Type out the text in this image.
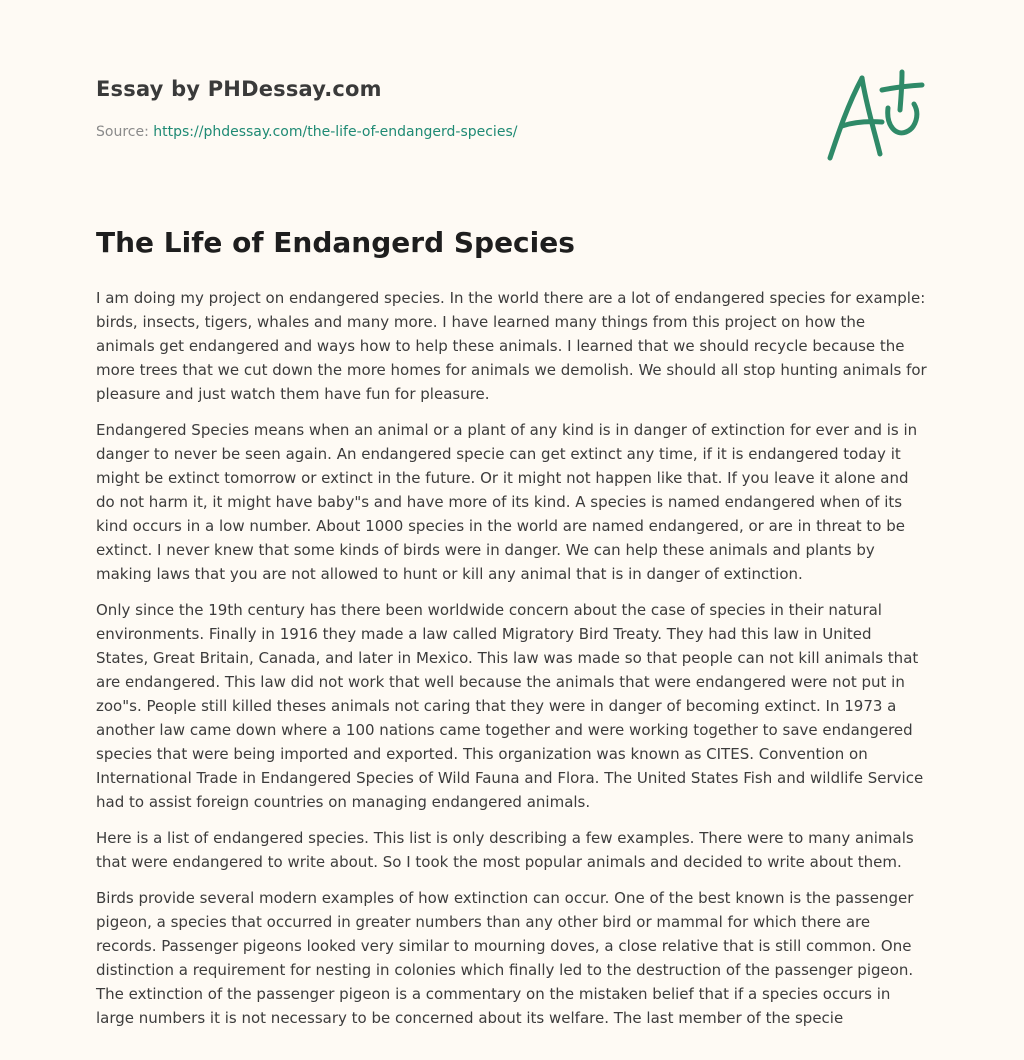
Essay by PHDessay.com
Source: https://phdessay.com/the-life-of-endangerd-species/
The Life of Endangerd Species

I am doing my project on endangered species. In the world there are a lot of endangered species for example: birds, insects, tigers, whales and many more. I have learned many things from this project on how the animals get endangered and ways how to help these animals. I learned that we should recycle because the more trees that we cut down the more homes for animals we demolish. We should all stop hunting animals for pleasure and just watch them have fun for pleasure.

Endangered Species means when an animal or a plant of any kind is in danger of extinction for ever and is in danger to never be seen again. An endangered specie can get extinct any time, if it is endangered today it might be extinct tomorrow or extinct in the future. Or it might not happen like that. If you leave it alone and do not harm it, it might have baby"s and have more of its kind. A species is named endangered when of its kind occurs in a low number. About 1000 species in the world are named endangered, or are in threat to be extinct. I never knew that some kinds of birds were in danger. We can help these animals and plants by making laws that you are not allowed to hunt or kill any animal that is in danger of extinction.

Only since the 19th century has there been worldwide concern about the case of species in their natural environments. Finally in 1916 they made a law called Migratory Bird Treaty. They had this law in United States, Great Britain, Canada, and later in Mexico. This law was made so that people can not kill animals that are endangered. This law did not work that well because the animals that were endangered were not put in zoo"s. People still killed theses animals not caring that they were in danger of becoming extinct. In 1973 a another law came down where a 100 nations came together and were working together to save endangered species that were being imported and exported. This organization was known as CITES. Convention on International Trade in Endangered Species of Wild Fauna and Flora. The United States Fish and wildlife Service had to assist foreign countries on managing endangered animals.

Here is a list of endangered species. This list is only describing a few examples. There were to many animals that were endangered to write about. So I took the most popular animals and decided to write about them.

Birds provide several modern examples of how extinction can occur. One of the best known is the passenger pigeon, a species that occurred in greater numbers than any other bird or mammal for which there are records. Passenger pigeons looked very similar to mourning doves, a close relative that is still common. One distinction a requirement for nesting in colonies which finally led to the destruction of the passenger pigeon. The extinction of the passenger pigeon is a commentary on the mistaken belief that if a species occurs in large numbers it is not necessary to be concerned about its welfare. The last member of the specie
